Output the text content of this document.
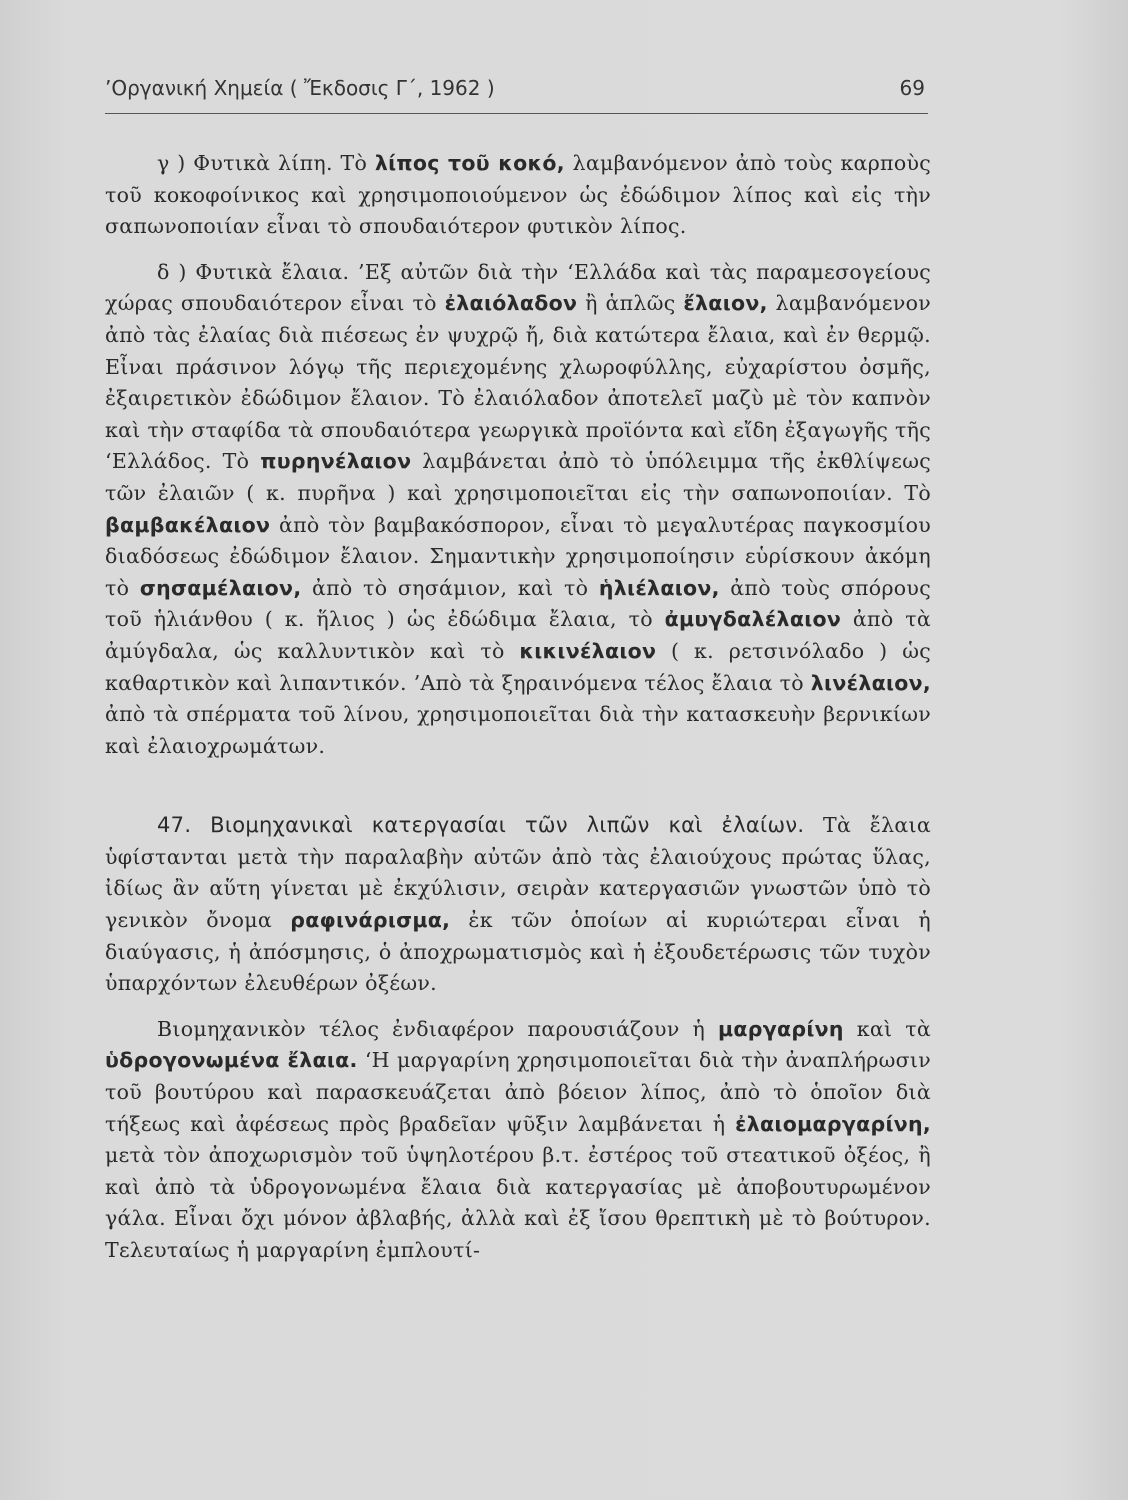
’Οργανική Χημεία ( Ἔκδοσις Γ΄, 1962 )	69

γ ) Φυτικὰ λίπη. Τὸ λίπος τοῦ κοκό, λαμβανόμενον ἀπὸ τοὺς καρποὺς τοῦ κοκοφοίνικος καὶ χρησιμοποιούμενον ὡς ἐδώδιμον λίπος καὶ εἰς τὴν σαπωνοποιίαν εἶναι τὸ σπουδαιότερον φυτικὸν λίπος.

δ ) Φυτικὰ ἔλαια. ’Εξ αὐτῶν διὰ τὴν ‘Ελλάδα καὶ τὰς παραμεσογείους χώρας σπουδαιότερον εἶναι τὸ ἐλαιόλαδον ἢ ἁπλῶς ἔλαιον, λαμβανόμενον ἀπὸ τὰς ἐλαίας διὰ πιέσεως ἐν ψυχρῷ ἤ, διὰ κατώτερα ἔλαια, καὶ ἐν θερμῷ. Εἶναι πράσινον λόγῳ τῆς περιεχομένης χλωροφύλλης, εὐχαρίστου ὀσμῆς, ἐξαιρετικὸν ἐδώδιμον ἔλαιον. Τὸ ἐλαιόλαδον ἀποτελεῖ μαζὺ μὲ τὸν καπνὸν καὶ τὴν σταφίδα τὰ σπουδαιότερα γεωργικὰ προϊόντα καὶ εἴδη ἐξαγωγῆς τῆς ‘Ελλάδος. Τὸ πυρηνέλαιον λαμβάνεται ἀπὸ τὸ ὑπόλειμμα τῆς ἐκθλίψεως τῶν ἐλαιῶν ( κ. πυρῆνα ) καὶ χρησιμοποιεῖται εἰς τὴν σαπωνοποιίαν. Τὸ βαμβακέλαιον ἀπὸ τὸν βαμβακόσπορον, εἶναι τὸ μεγαλυτέρας παγκοσμίου διαδόσεως ἐδώδιμον ἔλαιον. Σημαντικὴν χρησιμοποίησιν εὑρίσκουν ἀκόμη τὸ σησαμέλαιον, ἀπὸ τὸ σησάμιον, καὶ τὸ ἡλιέλαιον, ἀπὸ τοὺς σπόρους τοῦ ἡλιάνθου ( κ. ἥλιος ) ὡς ἐδώδιμα ἔλαια, τὸ ἀμυγδαλέλαιον ἀπὸ τὰ ἀμύγδαλα, ὡς καλλυντικὸν καὶ τὸ κικινέλαιον ( κ. ρετσινόλαδο ) ὡς καθαρτικὸν καὶ λιπαντικόν. ’Απὸ τὰ ξηραινόμενα τέλος ἔλαια τὸ λινέλαιον, ἀπὸ τὰ σπέρματα τοῦ λίνου, χρησιμοποιεῖται διὰ τὴν κατασκευὴν βερνικίων καὶ ἐλαιοχρωμάτων.

47. Βιομηχανικαὶ κατεργασίαι τῶν λιπῶν καὶ ἐλαίων. Τὰ ἔλαια ὑφίστανται μετὰ τὴν παραλαβὴν αὐτῶν ἀπὸ τὰς ἐλαιούχους πρώτας ὕλας, ἰδίως ἂν αὕτη γίνεται μὲ ἐκχύλισιν, σειρὰν κατεργασιῶν γνωστῶν ὑπὸ τὸ γενικὸν ὄνομα ραφινάρισμα, ἐκ τῶν ὁποίων αἱ κυριώτεραι εἶναι ἡ διαύγασις, ἡ ἀπόσμησις, ὁ ἀποχρωματισμὸς καὶ ἡ ἐξουδετέρωσις τῶν τυχὸν ὑπαρχόντων ἐλευθέρων ὀξέων.

Βιομηχανικὸν τέλος ἐνδιαφέρον παρουσιάζουν ἡ μαργαρίνη καὶ τὰ ὑδρογονωμένα ἔλαια. ‘Η μαργαρίνη χρησιμοποιεῖται διὰ τὴν ἀναπλήρωσιν τοῦ βουτύρου καὶ παρασκευάζεται ἀπὸ βόειον λίπος, ἀπὸ τὸ ὁποῖον διὰ τήξεως καὶ ἀφέσεως πρὸς βραδεῖαν ψῦξιν λαμβάνεται ἡ ἐλαιομαργαρίνη, μετὰ τὸν ἀποχωρισμὸν τοῦ ὑψηλοτέρου β.τ. ἐστέρος τοῦ στεατικοῦ ὀξέος, ἢ καὶ ἀπὸ τὰ ὑδρογονωμένα ἔλαια διὰ κατεργασίας μὲ ἀποβουτυρωμένον γάλα. Εἶναι ὄχι μόνον ἀβλαβής, ἀλλὰ καὶ ἐξ ἴσου θρεπτικὴ μὲ τὸ βούτυρον. Τελευταίως ἡ μαργαρίνη ἐμπλουτί-
